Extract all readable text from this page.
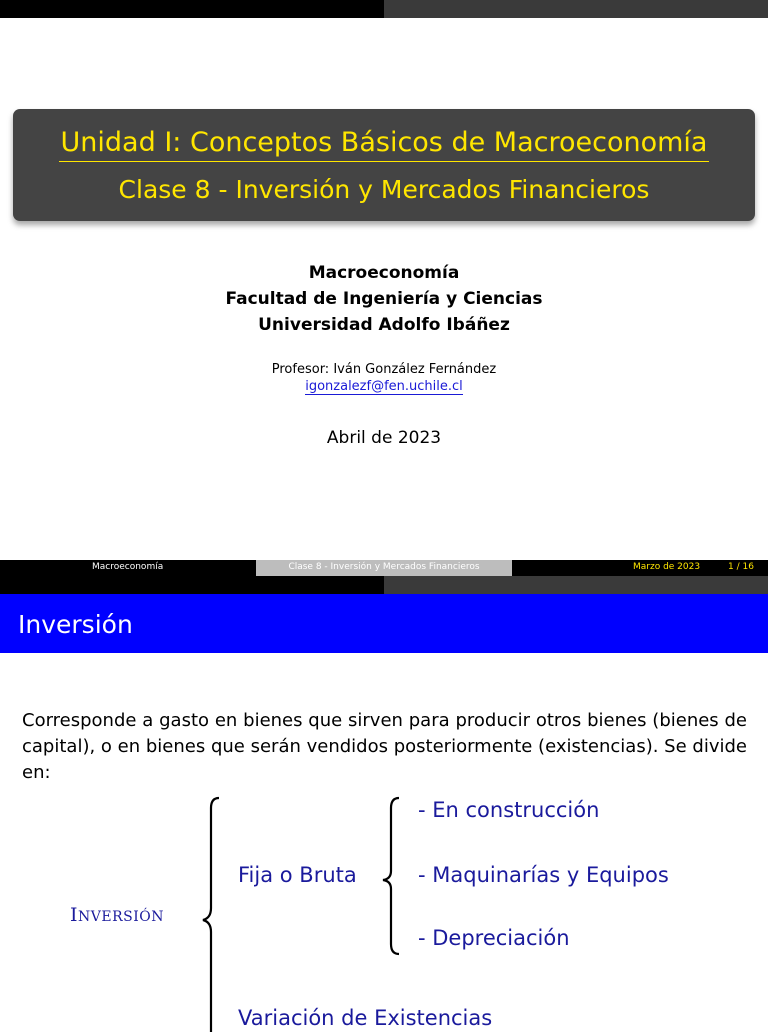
Unidad I: Conceptos Básicos de Macroeconomía
Clase 8 - Inversión y Mercados Financieros
Macroeconomía
Facultad de Ingeniería y Ciencias
Universidad Adolfo Ibáñez
Profesor: Iván González Fernández
igonzalezf@fen.uchile.cl
Abril de 2023
Macroeconomía	Clase 8 - Inversión y Mercados Financieros	Marzo de 2023	1 / 16
Inversión
Corresponde a gasto en bienes que sirven para producir otros bienes (bienes de capital), o en bienes que serán vendidos posteriormente (existencias). Se divide en:
INVERSIÓN
Fija o Bruta
- En construcción
- Maquinarías y Equipos
- Depreciación
Variación de Existencias
